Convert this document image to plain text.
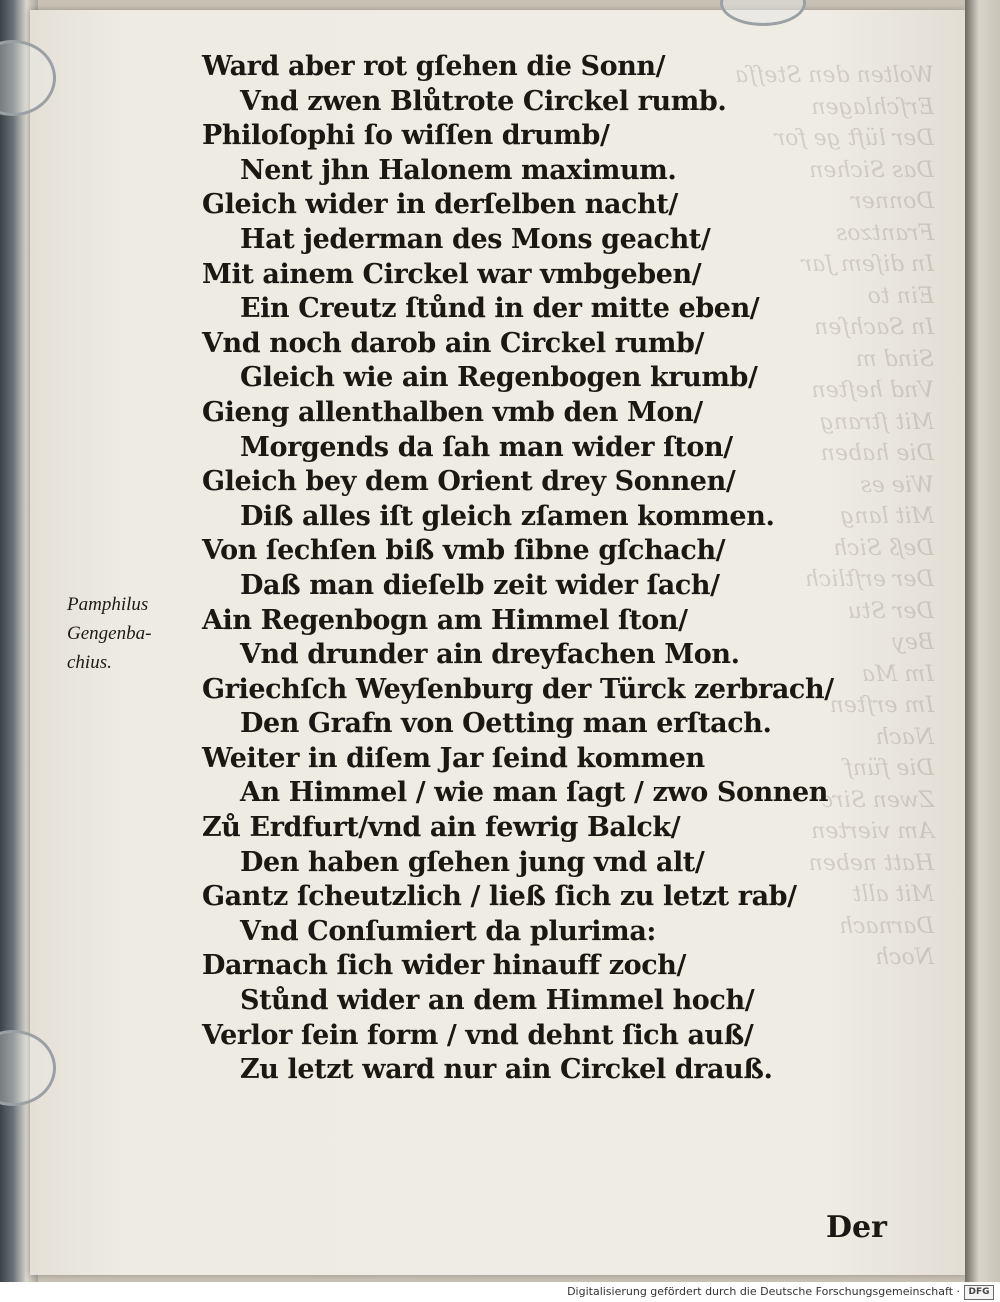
Wolten den Steſſa
Erſchlagen
Der lüft ge for
Das Sichen
Donner
Frantzos
In diſem Jar
Ein to
In Sachſen
Sind m
Vnd heſten
Mit ſtrang
Die haben
Wie es
Mit lang
Deß Sich
Der erſtlich
Der Stu
Bey
Im Ma
Im erſten
Nach
Die fünf
Zwen Sirc
Am vierten
Hatt neben
Mit allt
Darnach
Noch
Ward aber rot gſehen die Sonn/
Vnd zwen Blůtrote Circkel rumb.
Philoſophi ſo wiſſen drumb/
Nent jhn Halonem maximum.
Gleich wider in derſelben nacht/
Hat jederman des Mons geacht/
Mit ainem Circkel war vmbgeben/
Ein Creutz ſtůnd in der mitte eben/
Vnd noch darob ain Circkel rumb/
Gleich wie ain Regenbogen krumb/
Gieng allenthalben vmb den Mon/
Morgends da ſah man wider ſton/
Gleich bey dem Orient drey Sonnen/
Diß alles iſt gleich zſamen kommen.
Von ſechſen biß vmb ſibne gſchach/
Daß man dieſelb zeit wider ſach/
Ain Regenbogn am Himmel ſton/
Vnd drunder ain dreyfachen Mon.
Griechſch Weyſenburg der Türck zerbrach/
Den Grafn von Oetting man erſtach.
Weiter in diſem Jar ſeind kommen
An Himmel / wie man ſagt / zwo Sonnen
Zů Erdfurt/vnd ain fewrig Balck/
Den haben gſehen jung vnd alt/
Gantz ſcheutzlich / ließ ſich zu letzt rab/
Vnd Conſumiert da plurima:
Darnach ſich wider hinauff zoch/
Stůnd wider an dem Himmel hoch/
Verlor ſein form / vnd dehnt ſich auß/
Zu letzt ward nur ain Circkel drauß.
Pamphilus
Gengenba-
chius.
Der
Digitalisierung gefördert durch die Deutsche Forschungsgemeinschaft · DFG
